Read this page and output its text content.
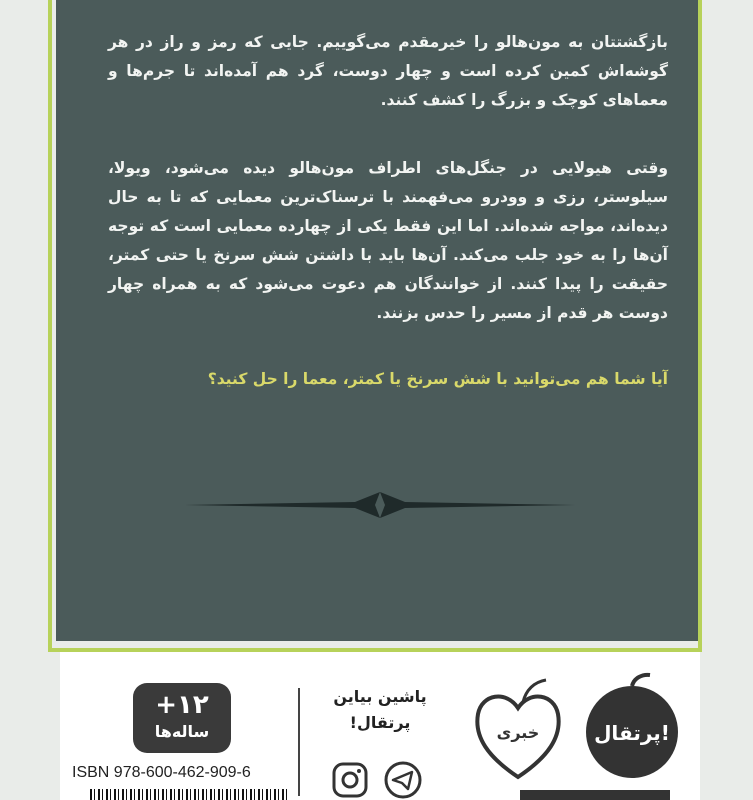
بازگشتتان به مون‌هالو را خیرمقدم می‌گوییم. جایی که رمز و راز در هر گوشه‌اش کمین کرده است و چهار دوست، گرد هم آمده‌اند تا جرم‌ها و معماهای کوچک و بزرگ را کشف کنند.
وقتی هیولایی در جنگل‌های اطراف مون‌هالو دیده می‌شود، ویولا، سیلوستر، رزی و وودرو می‌فهمند با ترسناک‌ترین معمایی که تا به حال دیده‌اند، مواجه شده‌اند. اما این فقط یکی از چهارده معمایی است که توجه آن‌ها را به خود جلب می‌کند. آن‌ها باید با داشتن شش سرنخ یا حتی کمتر، حقیقت را پیدا کنند. از خوانندگان هم دعوت می‌شود که به همراه چهار دوست هر قدم از مسیر را حدس بزنند.
آیا شما هم می‌توانید با شش سرنخ یا کمتر، معما را حل کنید؟
+۱۲
ساله‌ها
ISBN 978-600-462-909-6
پاشین بیاین
پرتقال!
خبری	پرتقال!
